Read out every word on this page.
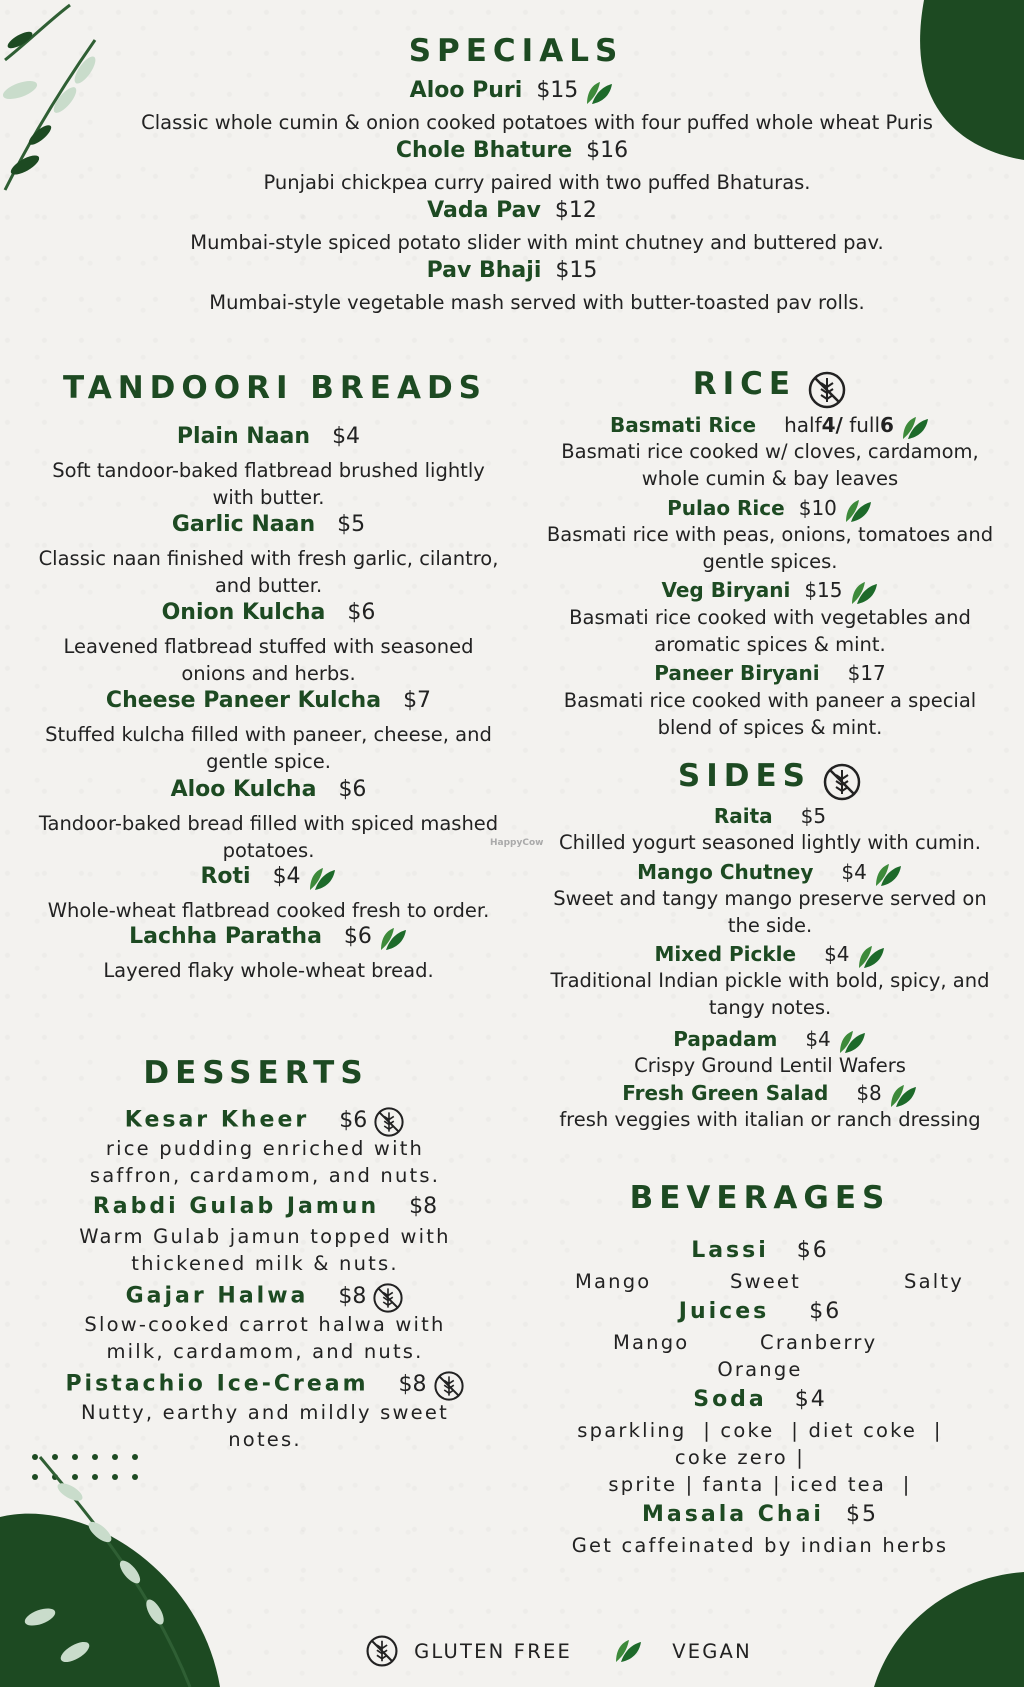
SPECIALS
Aloo Puri $15
Classic whole cumin & onion cooked potatoes with four puffed whole wheat Puris
Chole Bhature $16
Punjabi chickpea curry paired with two puffed Bhaturas.
Vada Pav $12
Mumbai-style spiced potato slider with mint chutney and buttered pav.
Pav Bhaji $15
Mumbai-style vegetable mash served with butter-toasted pav rolls.
TANDOORI BREADS
Plain Naan $4
Soft tandoor-baked flatbread brushed lightly
with butter.
Garlic Naan $5
Classic naan finished with fresh garlic, cilantro,
and butter.
Onion Kulcha $6
Leavened flatbread stuffed with seasoned
onions and herbs.
Cheese Paneer Kulcha $7
Stuffed kulcha filled with paneer, cheese, and
gentle spice.
Aloo Kulcha $6
Tandoor-baked bread filled with spiced mashed
potatoes.
Roti $4
Whole-wheat flatbread cooked fresh to order.
Lachha Paratha $6
Layered flaky whole-wheat bread.
RICE
Basmati Rice half4/ full6
Basmati rice cooked w/ cloves, cardamom,
whole cumin & bay leaves
Pulao Rice $10
Basmati rice with peas, onions, tomatoes and
gentle spices.
Veg Biryani $15
Basmati rice cooked with vegetables and
aromatic spices & mint.
Paneer Biryani $17
Basmati rice cooked with paneer a special
blend of spices & mint.
SIDES
Raita $5
Chilled yogurt seasoned lightly with cumin.
Mango Chutney $4
Sweet and tangy mango preserve served on
the side.
Mixed Pickle $4
Traditional Indian pickle with bold, spicy, and
tangy notes.
Papadam $4
Crispy Ground Lentil Wafers
Fresh Green Salad $8
fresh veggies with italian or ranch dressing
HappyCow
DESSERTS
Kesar Kheer $6
rice pudding enriched with
saffron, cardamom, and nuts.
Rabdi Gulab Jamun $8
Warm Gulab jamun topped with
thickened milk & nuts.
Gajar Halwa $8
Slow-cooked carrot halwa with
milk, cardamom, and nuts.
Pistachio Ice-Cream $8
Nutty, earthy and mildly sweet
notes.
BEVERAGES
Lassi $6
Mango	Sweet	Salty
Juices $6
Mango	Cranberry
Orange
Soda $4
sparkling  | coke  | diet coke  |
coke zero |
sprite | fanta | iced tea  |
Masala Chai $5
Get caffeinated by indian herbs
GLUTEN FREE	VEGAN
